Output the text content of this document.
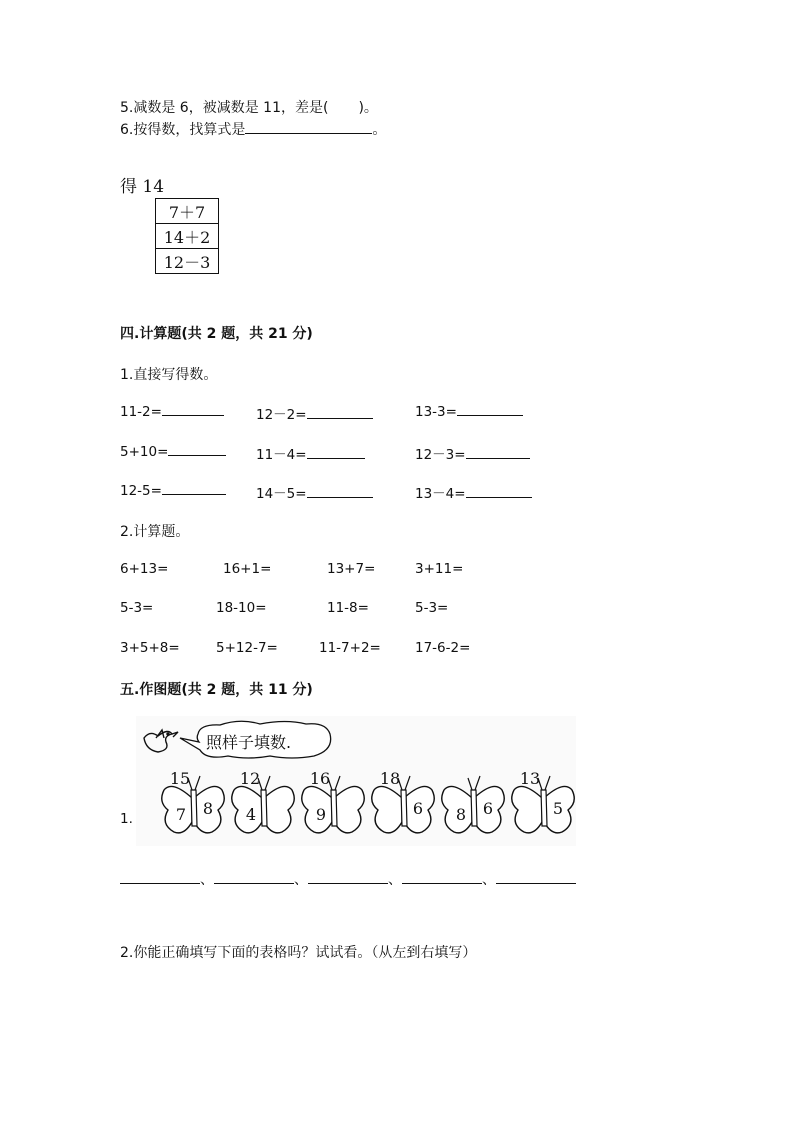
5.减数是 6，被减数是 11，差是( )。
6.按得数，找算式是	。
得 14
7＋7
14＋2
12－3
四.计算题(共 2 题，共 21 分)
1.直接写得数。
11-2=	12－2=	13-3=
5+10=	11－4=	12－3=
12-5=	14－5=	13－4=
2.计算题。
6+13=	16+1=	13+7=	3+11=
5-3=	18-10=	11-8=	5-3=
3+5+8=	5+12-7=	11-7+2=	17-6-2=
五.作图题(共 2 题，共 11 分)
照样子填数.
15
7 8
12
4
16
9
18
6 8 6
13
5
1.
、	、	、	、
2.你能正确填写下面的表格吗？试试看。（从左到右填写）
